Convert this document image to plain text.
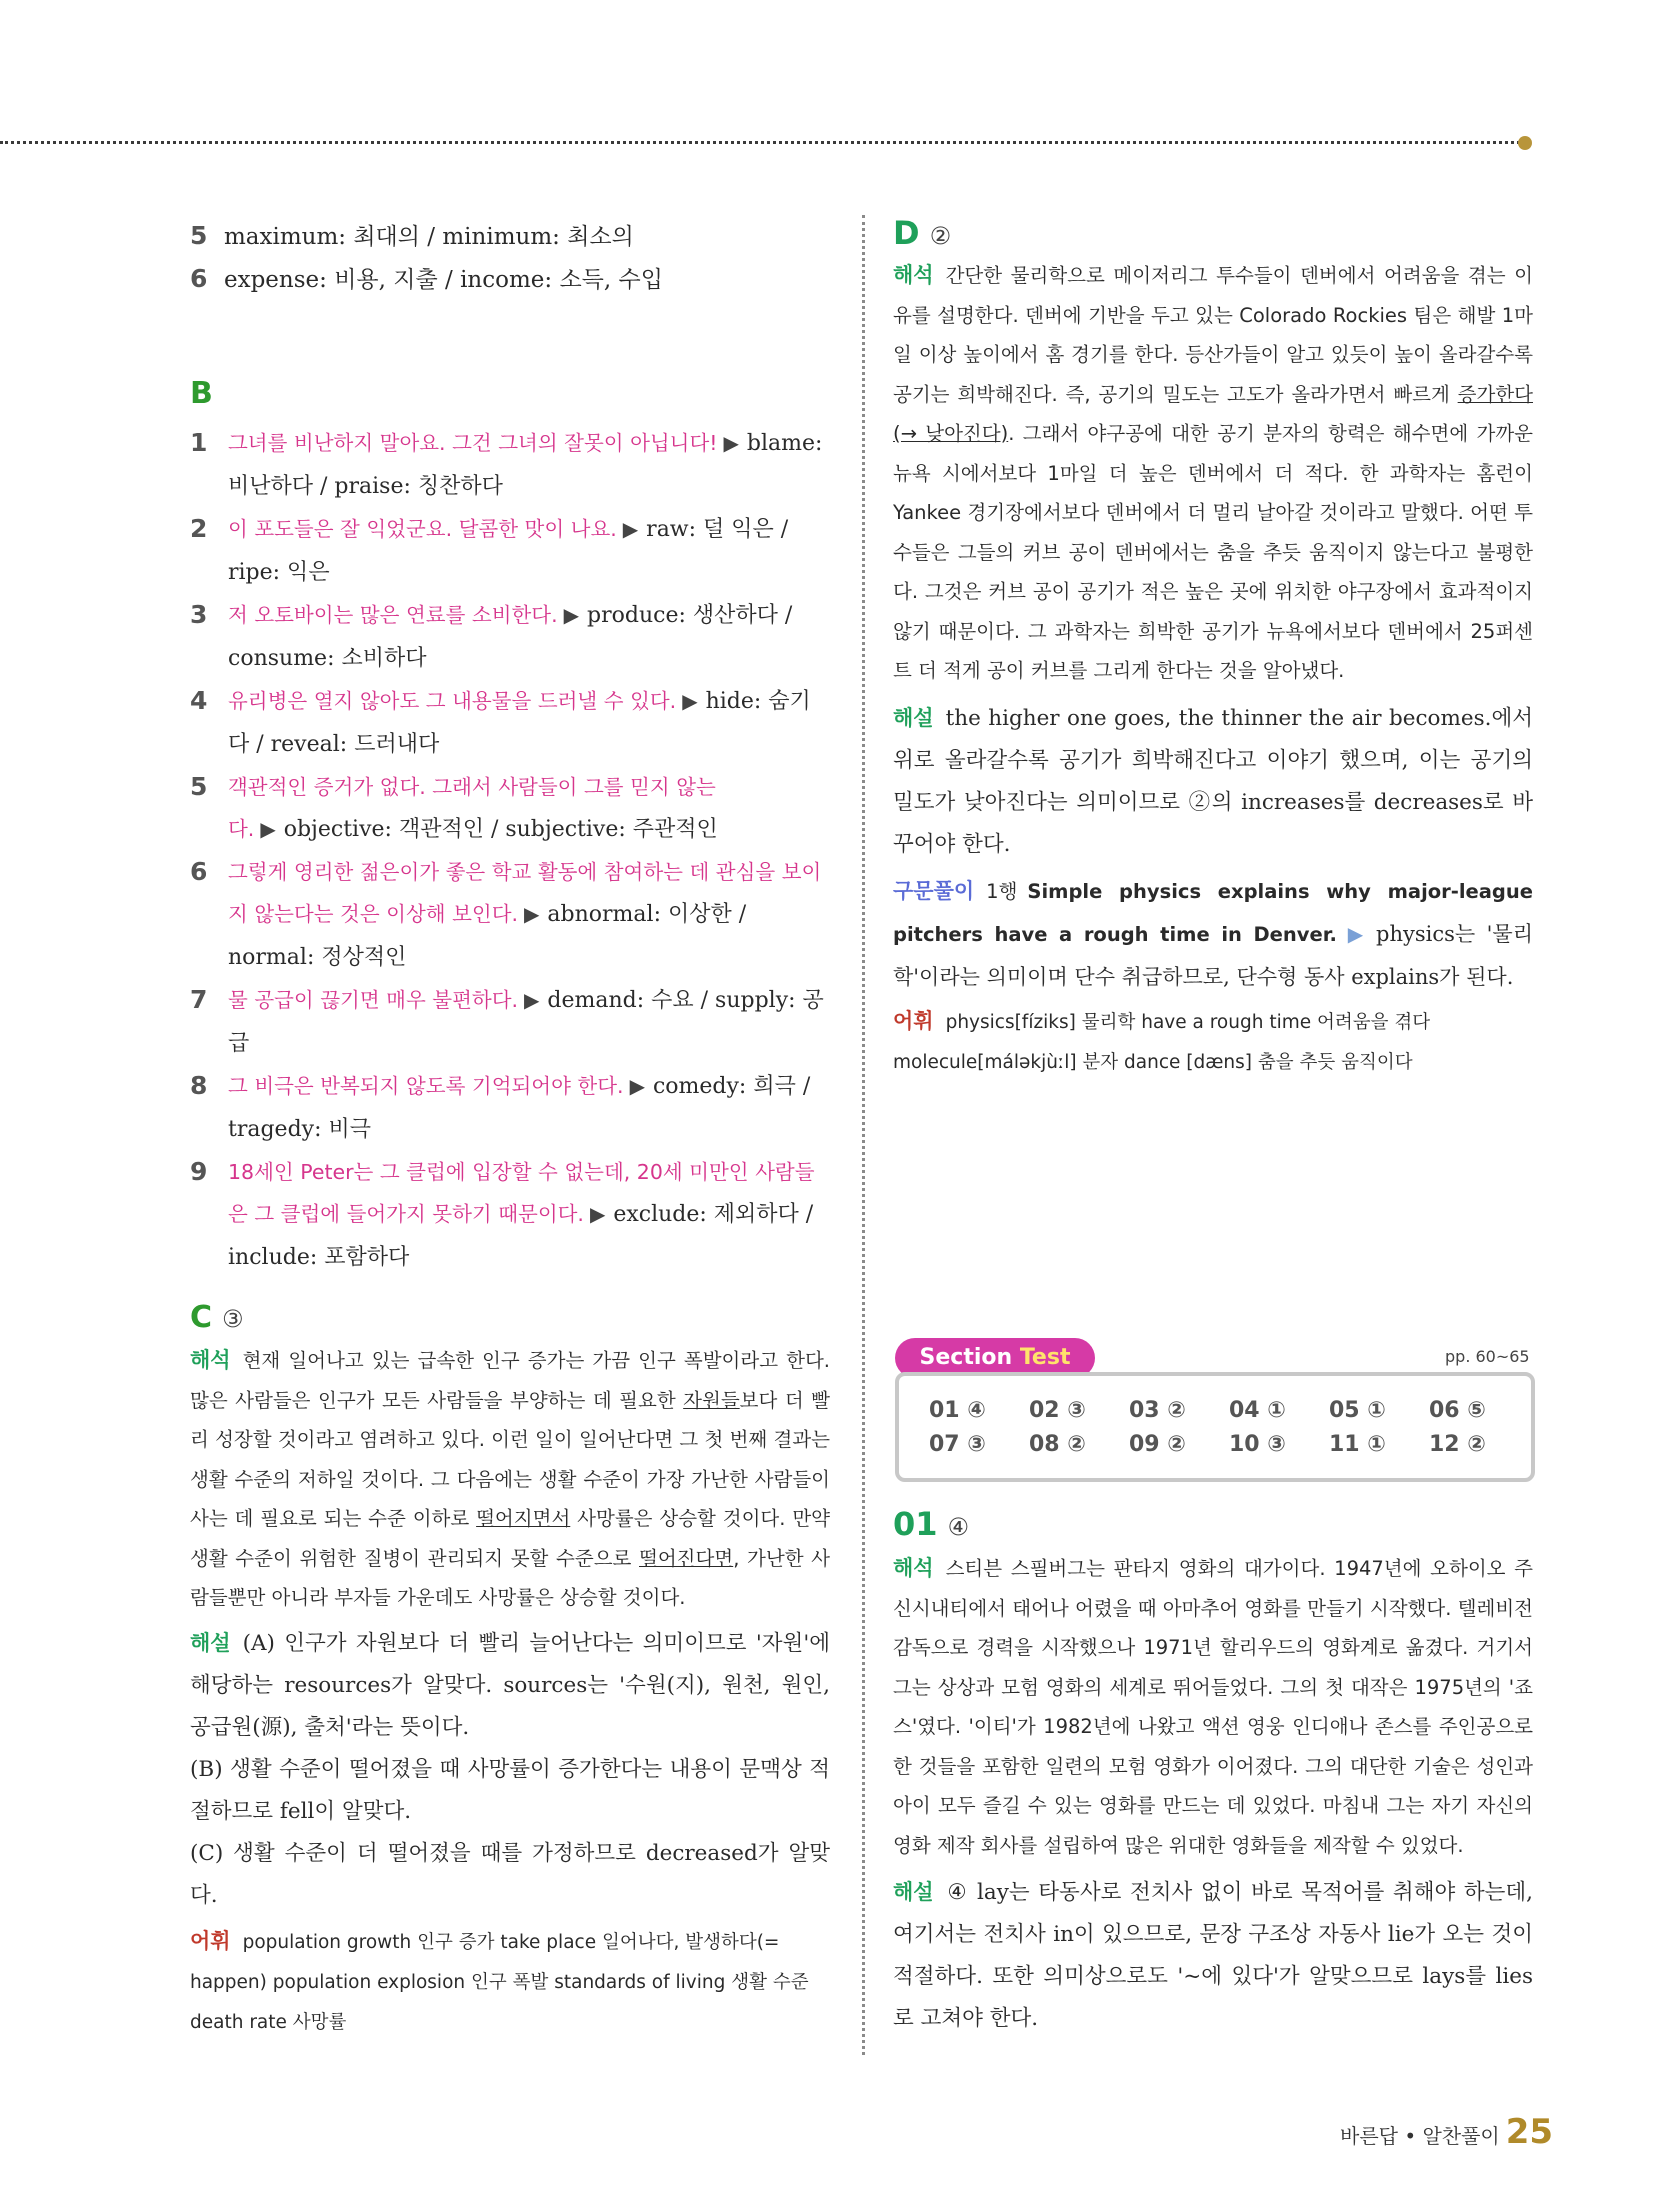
5 maximum: 최대의 / minimum: 최소의
6 expense: 비용, 지출 / income: 소득, 수입
B
1 그녀를 비난하지 말아요. 그건 그녀의 잘못이 아닙니다! ▶ blame: 비난하다 / praise: 칭찬하다
2 이 포도들은 잘 익었군요. 달콤한 맛이 나요. ▶ raw: 덜 익은 / ripe: 익은
3 저 오토바이는 많은 연료를 소비한다. ▶ produce: 생산하다 / consume: 소비하다
4 유리병은 열지 않아도 그 내용물을 드러낼 수 있다. ▶ hide: 숨기다 / reveal: 드러내다
5 객관적인 증거가 없다. 그래서 사람들이 그를 믿지 않는다. ▶ objective: 객관적인 / subjective: 주관적인
6 그렇게 영리한 젊은이가 좋은 학교 활동에 참여하는 데 관심을 보이지 않는다는 것은 이상해 보인다. ▶ abnormal: 이상한 / normal: 정상적인
7 물 공급이 끊기면 매우 불편하다. ▶ demand: 수요 / supply: 공급
8 그 비극은 반복되지 않도록 기억되어야 한다. ▶ comedy: 희극 / tragedy: 비극
9 18세인 Peter는 그 클럽에 입장할 수 없는데, 20세 미만인 사람들은 그 클럽에 들어가지 못하기 때문이다. ▶ exclude: 제외하다 / include: 포함하다
C ③
해석 현재 일어나고 있는 급속한 인구 증가는 가끔 인구 폭발이라고 한다. 많은 사람들은 인구가 모든 사람들을 부양하는 데 필요한 자원들보다 더 빨리 성장할 것이라고 염려하고 있다. 이런 일이 일어난다면 그 첫 번째 결과는 생활 수준의 저하일 것이다. 그 다음에는 생활 수준이 가장 가난한 사람들이 사는 데 필요로 되는 수준 이하로 떨어지면서 사망률은 상승할 것이다. 만약 생활 수준이 위험한 질병이 관리되지 못할 수준으로 떨어진다면, 가난한 사람들뿐만 아니라 부자들 가운데도 사망률은 상승할 것이다.
해설 (A) 인구가 자원보다 더 빨리 늘어난다는 의미이므로 '자원'에 해당하는 resources가 알맞다. sources는 '수원(지), 원천, 원인, 공급원(源), 출처'라는 뜻이다.
(B) 생활 수준이 떨어졌을 때 사망률이 증가한다는 내용이 문맥상 적절하므로 fell이 알맞다.
(C) 생활 수준이 더 떨어졌을 때를 가정하므로 decreased가 알맞다.
어휘 population growth 인구 증가 take place 일어나다, 발생하다(= happen) population explosion 인구 폭발 standards of living 생활 수준 death rate 사망률
D ②
해석 간단한 물리학으로 메이저리그 투수들이 덴버에서 어려움을 겪는 이유를 설명한다. 덴버에 기반을 두고 있는 Colorado Rockies 팀은 해발 1마일 이상 높이에서 홈 경기를 한다. 등산가들이 알고 있듯이 높이 올라갈수록 공기는 희박해진다. 즉, 공기의 밀도는 고도가 올라가면서 빠르게 증가한다(→ 낮아진다). 그래서 야구공에 대한 공기 분자의 항력은 해수면에 가까운 뉴욕 시에서보다 1마일 더 높은 덴버에서 더 적다. 한 과학자는 홈런이 Yankee 경기장에서보다 덴버에서 더 멀리 날아갈 것이라고 말했다. 어떤 투수들은 그들의 커브 공이 덴버에서는 춤을 추듯 움직이지 않는다고 불평한다. 그것은 커브 공이 공기가 적은 높은 곳에 위치한 야구장에서 효과적이지 않기 때문이다. 그 과학자는 희박한 공기가 뉴욕에서보다 덴버에서 25퍼센트 더 적게 공이 커브를 그리게 한다는 것을 알아냈다.
해설 the higher one goes, the thinner the air becomes.에서 위로 올라갈수록 공기가 희박해진다고 이야기 했으며, 이는 공기의 밀도가 낮아진다는 의미이므로 ②의 increases를 decreases로 바꾸어야 한다.
구문풀이 1행 Simple physics explains why major-league pitchers have a rough time in Denver. ▶ physics는 '물리학'이라는 의미이며 단수 취급하므로, 단수형 동사 explains가 된다.
어휘 physics[fíziks] 물리학 have a rough time 어려움을 겪다 molecule[máləkjùːl] 분자 dance [dæns] 춤을 추듯 움직이다
Section Test	pp. 60~65
01 ④	02 ③	03 ②	04 ①	05 ①	06 ⑤
07 ③	08 ②	09 ②	10 ③	11 ①	12 ②
01 ④
해석 스티븐 스필버그는 판타지 영화의 대가이다. 1947년에 오하이오 주 신시내티에서 태어나 어렸을 때 아마추어 영화를 만들기 시작했다. 텔레비전 감독으로 경력을 시작했으나 1971년 할리우드의 영화계로 옮겼다. 거기서 그는 상상과 모험 영화의 세계로 뛰어들었다. 그의 첫 대작은 1975년의 '죠스'였다. '이티'가 1982년에 나왔고 액션 영웅 인디애나 존스를 주인공으로 한 것들을 포함한 일련의 모험 영화가 이어졌다. 그의 대단한 기술은 성인과 아이 모두 즐길 수 있는 영화를 만드는 데 있었다. 마침내 그는 자기 자신의 영화 제작 회사를 설립하여 많은 위대한 영화들을 제작할 수 있었다.
해설 ④ lay는 타동사로 전치사 없이 바로 목적어를 취해야 하는데, 여기서는 전치사 in이 있으므로, 문장 구조상 자동사 lie가 오는 것이 적절하다. 또한 의미상으로도 '~에 있다'가 알맞으므로 lays를 lies로 고쳐야 한다.
바른답 • 알찬풀이 25
